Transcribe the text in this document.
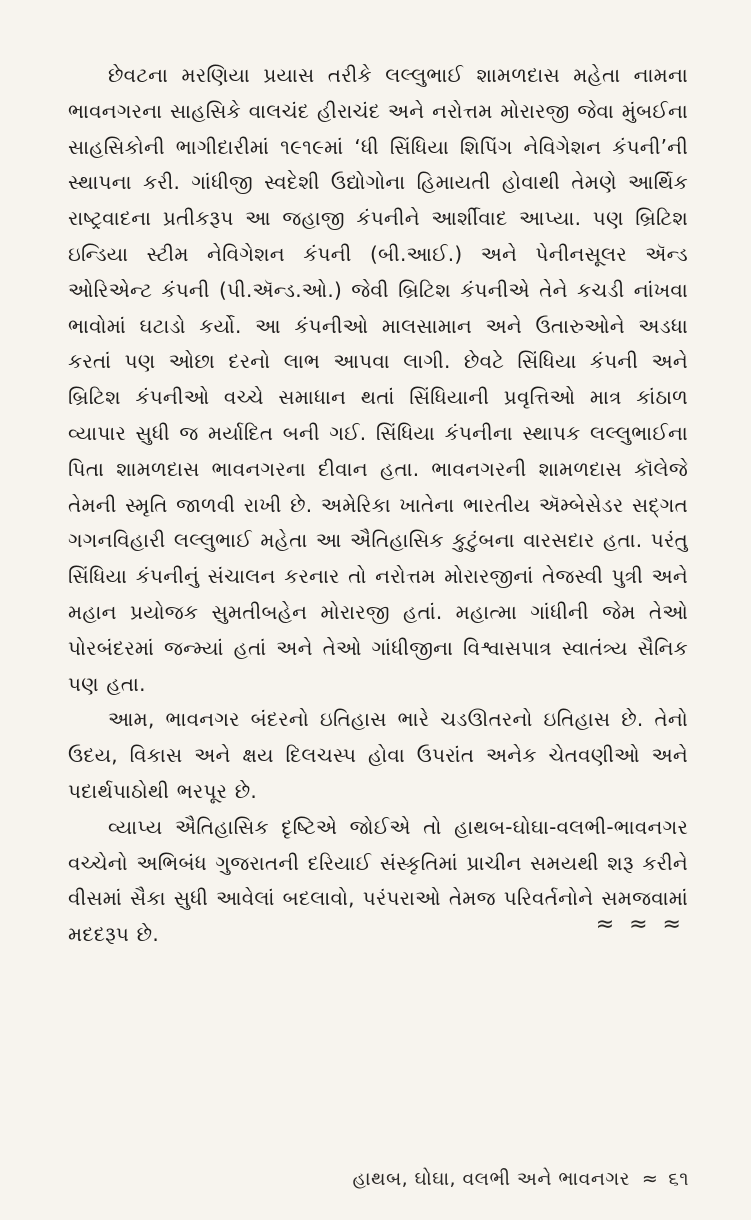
છેવટના મરણિયા પ્રયાસ તરીકે લલ્લુભાઈ શામળદાસ મહેતા નામના ભાવનગરના સાહસિકે વાલચંદ હીરાચંદ અને નરોત્તમ મોરારજી જેવા મુંબઈના સાહસિકોની ભાગીદારીમાં ૧૯૧૯માં ‘ધી સિંધિયા શિપિંગ નેવિગેશન કંપની’ની સ્થાપના કરી. ગાંધીજી સ્વદેશી ઉદ્યોગોના હિમાયતી હોવાથી તેમણે આર્થિક રાષ્ટ્રવાદના પ્રતીકરૂપ આ જહાજી કંપનીને આર્શીવાદ આપ્યા. પણ બ્રિટિશ ઇન્ડિયા સ્ટીમ નેવિગેશન કંપની (બી.આઈ.) અને પેનીનસૂલર ઍન્ડ ઓરિએન્ટ કંપની (પી.ઍન્ડ.ઓ.) જેવી બ્રિટિશ કંપનીએ તેને કચડી નાંખવા ભાવોમાં ઘટાડો કર્યો. આ કંપનીઓ માલસામાન અને ઉતારુઓને અડધા કરતાં પણ ઓછા દરનો લાભ આપવા લાગી. છેવટે સિંધિયા કંપની અને બ્રિટિશ કંપનીઓ વચ્ચે સમાધાન થતાં સિંધિયાની પ્રવૃત્તિઓ માત્ર કાંઠાળ વ્યાપાર સુધી જ મર્યાદિત બની ગઈ. સિંધિયા કંપનીના સ્થાપક લલ્લુભાઈના પિતા શામળદાસ ભાવનગરના દીવાન હતા. ભાવનગરની શામળદાસ કૉલેજે તેમની સ્મૃતિ જાળવી રાખી છે. અમેરિકા ખાતેના ભારતીય ઍમ્બેસેડર સદ્ગત ગગનવિહારી લલ્લુભાઈ મહેતા આ ઐતિહાસિક કુટુંબના વારસદાર હતા. પરંતુ સિંધિયા કંપનીનું સંચાલન કરનાર તો નરોત્તમ મોરારજીનાં તેજસ્વી પુત્રી અને મહાન પ્રયોજક સુમતીબહેન મોરારજી હતાં. મહાત્મા ગાંધીની જેમ તેઓ પોરબંદરમાં જન્મ્યાં હતાં અને તેઓ ગાંધીજીના વિશ્વાસપાત્ર સ્વાતંત્ર્ય સૈનિક પણ હતા.

આમ, ભાવનગર બંદરનો ઇતિહાસ ભારે ચડઊતરનો ઇતિહાસ છે. તેનો ઉદય, વિકાસ અને ક્ષય દિલચસ્પ હોવા ઉપરાંત અનેક ચેતવણીઓ અને પદાર્થપાઠોથી ભરપૂર છે.

વ્યાપ્ય ઐતિહાસિક દૃષ્ટિએ જોઈએ તો હાથબ-ઘોઘા-વલભી-ભાવનગર વચ્ચેનો અભિબંધ ગુજરાતની દરિયાઈ સંસ્કૃતિમાં પ્રાચીન સમયથી શરૂ કરીને વીસમાં સૈકા સુધી આવેલાં બદલાવો, પરંપરાઓ તેમજ પરિવર્તનોને સમજવામાં મદદરૂપ છે.	≈ ≈ ≈
હાથબ, ઘોઘા, વલભી અને ભાવનગર ≈ ૬૧
